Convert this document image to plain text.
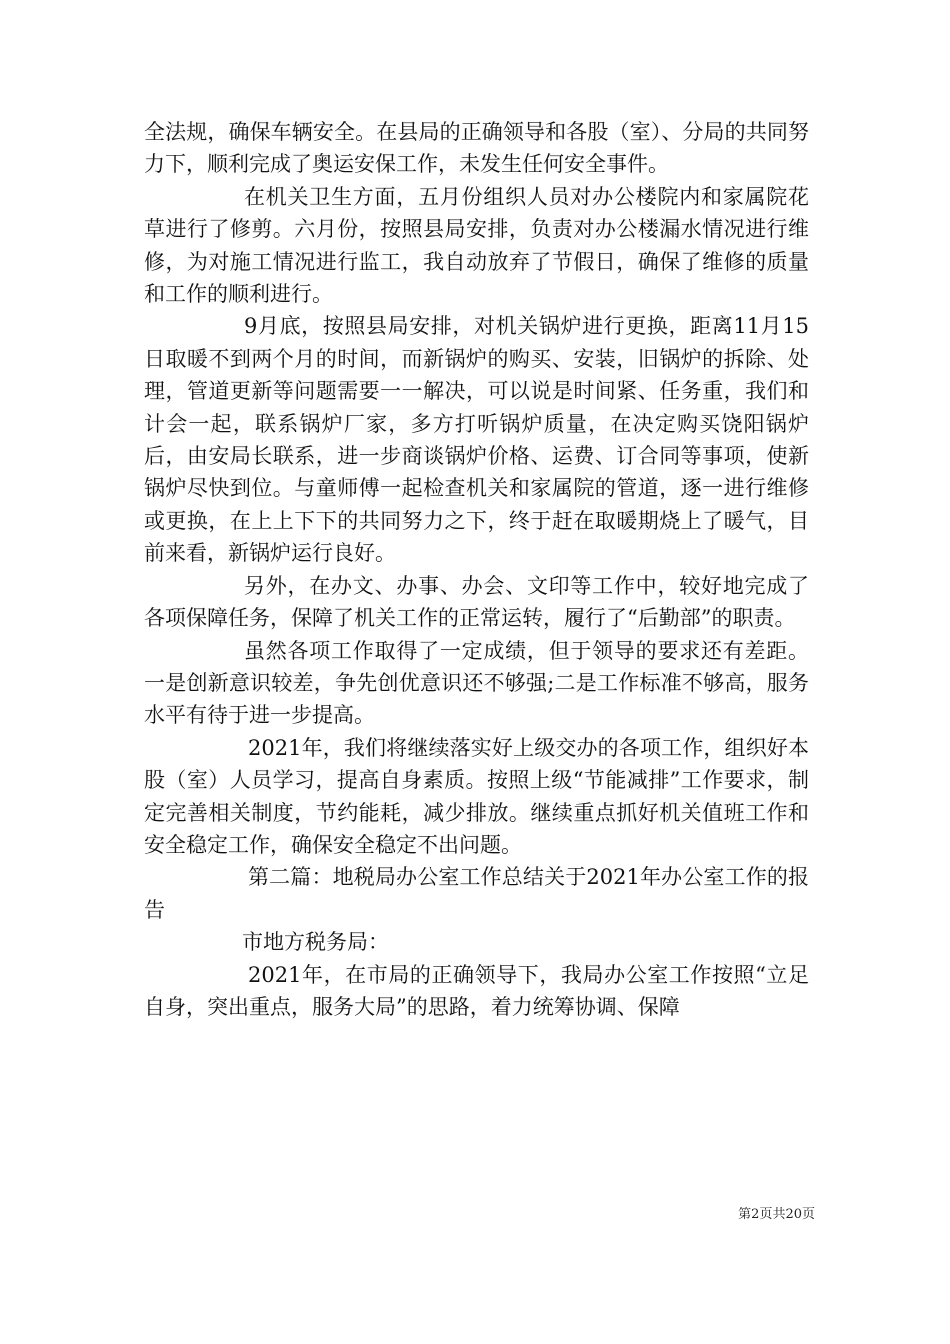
全法规，确保车辆安全。在县局的正确领导和各股（室）、分局的共同努力下，顺利完成了奥运安保工作，未发生任何安全事件。

在机关卫生方面，五月份组织人员对办公楼院内和家属院花草进行了修剪。六月份，按照县局安排，负责对办公楼漏水情况进行维修，为对施工情况进行监工，我自动放弃了节假日，确保了维修的质量和工作的顺利进行。

9月底，按照县局安排，对机关锅炉进行更换，距离11月15日取暖不到两个月的时间，而新锅炉的购买、安装，旧锅炉的拆除、处理，管道更新等问题需要一一解决，可以说是时间紧、任务重，我们和计会一起，联系锅炉厂家，多方打听锅炉质量，在决定购买饶阳锅炉后，由安局长联系，进一步商谈锅炉价格、运费、订合同等事项，使新锅炉尽快到位。与童师傅一起检查机关和家属院的管道，逐一进行维修或更换，在上上下下的共同努力之下，终于赶在取暖期烧上了暖气，目前来看，新锅炉运行良好。

另外，在办文、办事、办会、文印等工作中，较好地完成了各项保障任务，保障了机关工作的正常运转，履行了“后勤部”的职责。

虽然各项工作取得了一定成绩，但于领导的要求还有差距。一是创新意识较差，争先创优意识还不够强;二是工作标准不够高，服务水平有待于进一步提高。

2021年，我们将继续落实好上级交办的各项工作，组织好本股（室）人员学习，提高自身素质。按照上级“节能减排”工作要求，制定完善相关制度，节约能耗，减少排放。继续重点抓好机关值班工作和安全稳定工作，确保安全稳定不出问题。

第二篇：地税局办公室工作总结关于2021年办公室工作的报告

市地方税务局：

2021年，在市局的正确领导下，我局办公室工作按照“立足自身，突出重点，服务大局”的思路，着力统筹协调、保障

第2页共20页
